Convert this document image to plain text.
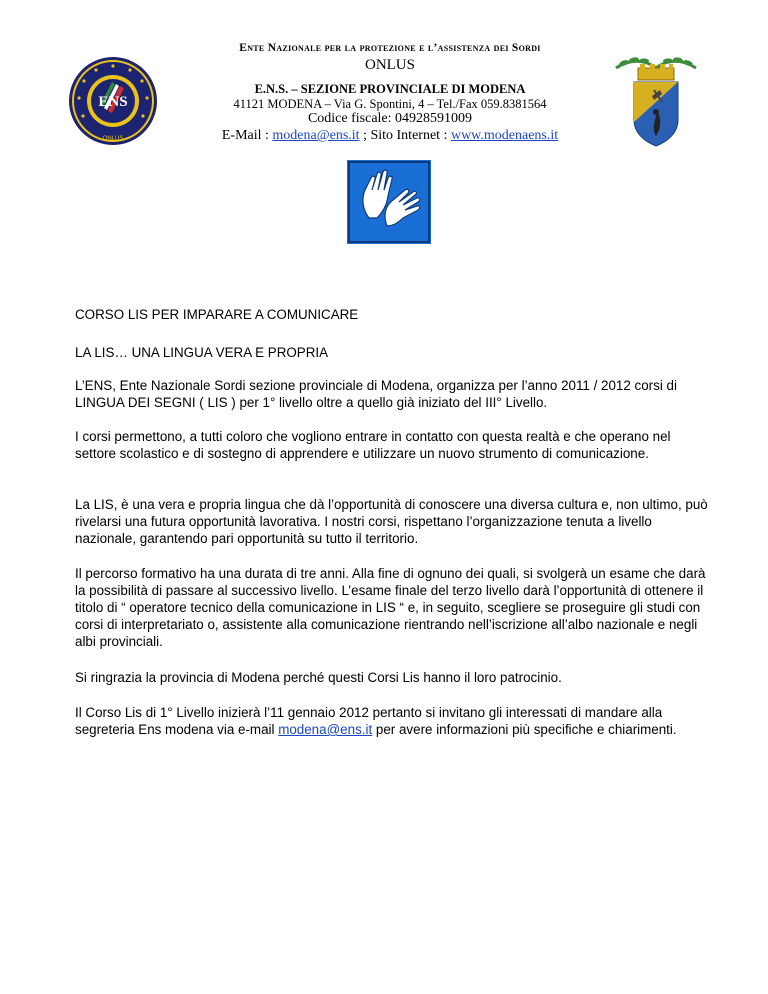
ENS
ONLUS
Ente Nazionale per la protezione e l’assistenza dei Sordi
ONLUS
E.N.S. – SEZIONE PROVINCIALE DI MODENA
41121 MODENA – Via G. Spontini, 4 – Tel./Fax 059.8381564
Codice fiscale: 04928591009
E-Mail : modena@ens.it ; Sito Internet : www.modenaens.it
CORSO LIS PER IMPARARE A COMUNICARE
LA LIS… UNA LINGUA VERA E PROPRIA
L’ENS, Ente Nazionale Sordi sezione provinciale di Modena, organizza per l’anno 2011 / 2012 corsi di LINGUA DEI SEGNI ( LIS ) per 1° livello oltre a quello già iniziato del III° Livello.
I corsi permettono, a tutti coloro che vogliono entrare in contatto con questa realtà e che operano nel settore scolastico e di sostegno di apprendere e utilizzare un nuovo strumento di comunicazione.
La LIS, è una vera e propria lingua che dà l’opportunità di conoscere una diversa cultura e, non ultimo, può rivelarsi una futura opportunità lavorativa. I nostri corsi, rispettano l’organizzazione tenuta a livello nazionale, garantendo pari opportunità su tutto il territorio.
Il percorso formativo ha una durata di tre anni. Alla fine di ognuno dei quali, si svolgerà un esame che darà la possibilità di passare al successivo livello. L’esame finale del terzo livello darà l’opportunità di ottenere il titolo di “ operatore tecnico della comunicazione in LIS “ e, in seguito, scegliere se proseguire gli studi con corsi di interpretariato o, assistente alla comunicazione rientrando nell’iscrizione all’albo nazionale e negli albi provinciali.
Si ringrazia la provincia di Modena perché questi Corsi Lis hanno il loro patrocinio.
Il Corso Lis di 1° Livello inizierà l’11 gennaio 2012 pertanto si invitano gli interessati di mandare alla segreteria Ens modena via e-mail modena@ens.it per avere informazioni più specifiche e chiarimenti.
